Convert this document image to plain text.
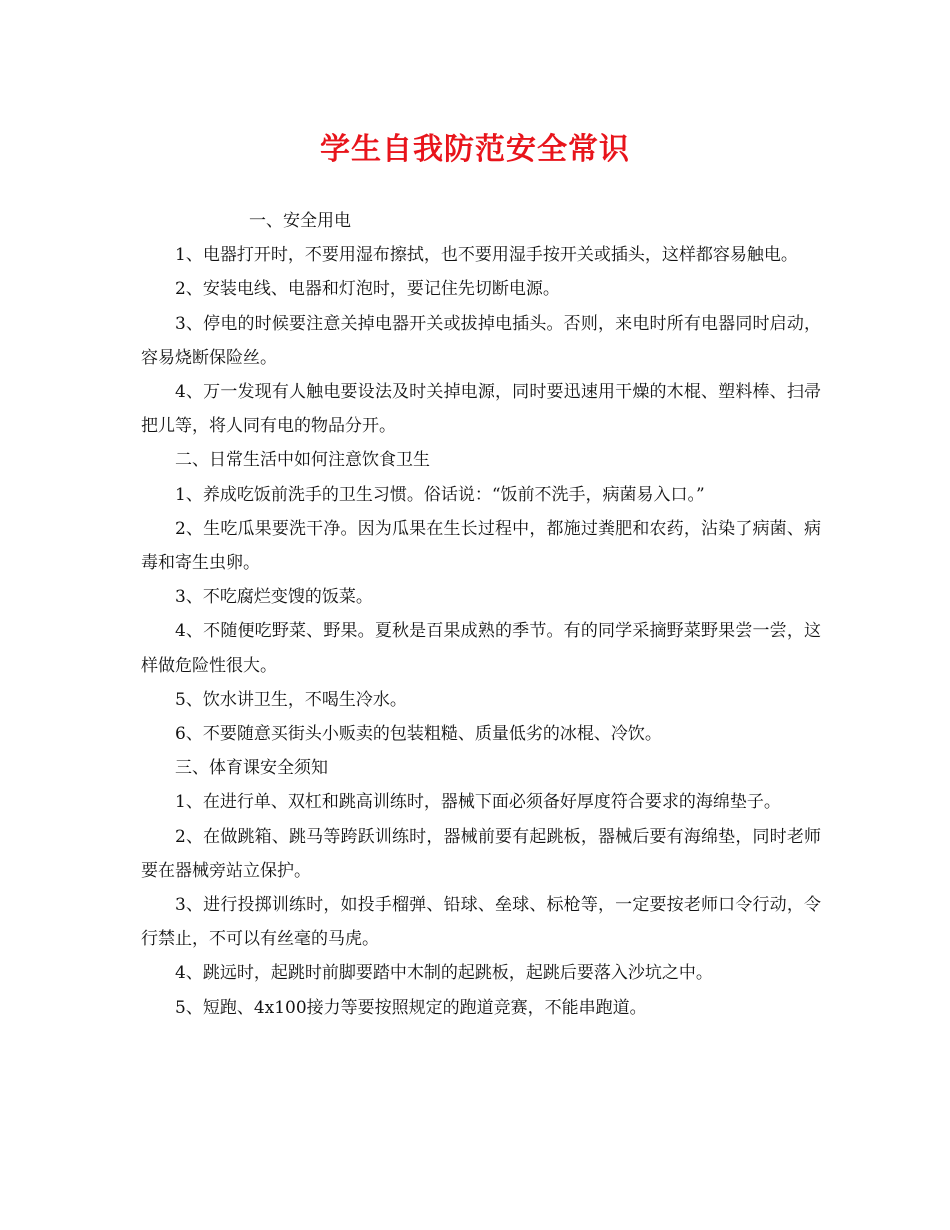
学生自我防范安全常识

一、安全用电

1、电器打开时，不要用湿布擦拭，也不要用湿手按开关或插头，这样都容易触电。

2、安装电线、电器和灯泡时，要记住先切断电源。

3、停电的时候要注意关掉电器开关或拔掉电插头。否则，来电时所有电器同时启动，容易烧断保险丝。

4、万一发现有人触电要设法及时关掉电源，同时要迅速用干燥的木棍、塑料棒、扫帚把儿等，将人同有电的物品分开。

二、日常生活中如何注意饮食卫生

1、养成吃饭前洗手的卫生习惯。俗话说：“饭前不洗手，病菌易入口。”

2、生吃瓜果要洗干净。因为瓜果在生长过程中，都施过粪肥和农药，沾染了病菌、病毒和寄生虫卵。

3、不吃腐烂变馊的饭菜。

4、不随便吃野菜、野果。夏秋是百果成熟的季节。有的同学采摘野菜野果尝一尝，这样做危险性很大。

5、饮水讲卫生，不喝生冷水。

6、不要随意买街头小贩卖的包装粗糙、质量低劣的冰棍、冷饮。

三、体育课安全须知

1、在进行单、双杠和跳高训练时，器械下面必须备好厚度符合要求的海绵垫子。

2、在做跳箱、跳马等跨跃训练时，器械前要有起跳板，器械后要有海绵垫，同时老师要在器械旁站立保护。

3、进行投掷训练时，如投手榴弹、铅球、垒球、标枪等，一定要按老师口令行动，令行禁止，不可以有丝毫的马虎。

4、跳远时，起跳时前脚要踏中木制的起跳板，起跳后要落入沙坑之中。

5、短跑、4x100接力等要按照规定的跑道竞赛，不能串跑道。
